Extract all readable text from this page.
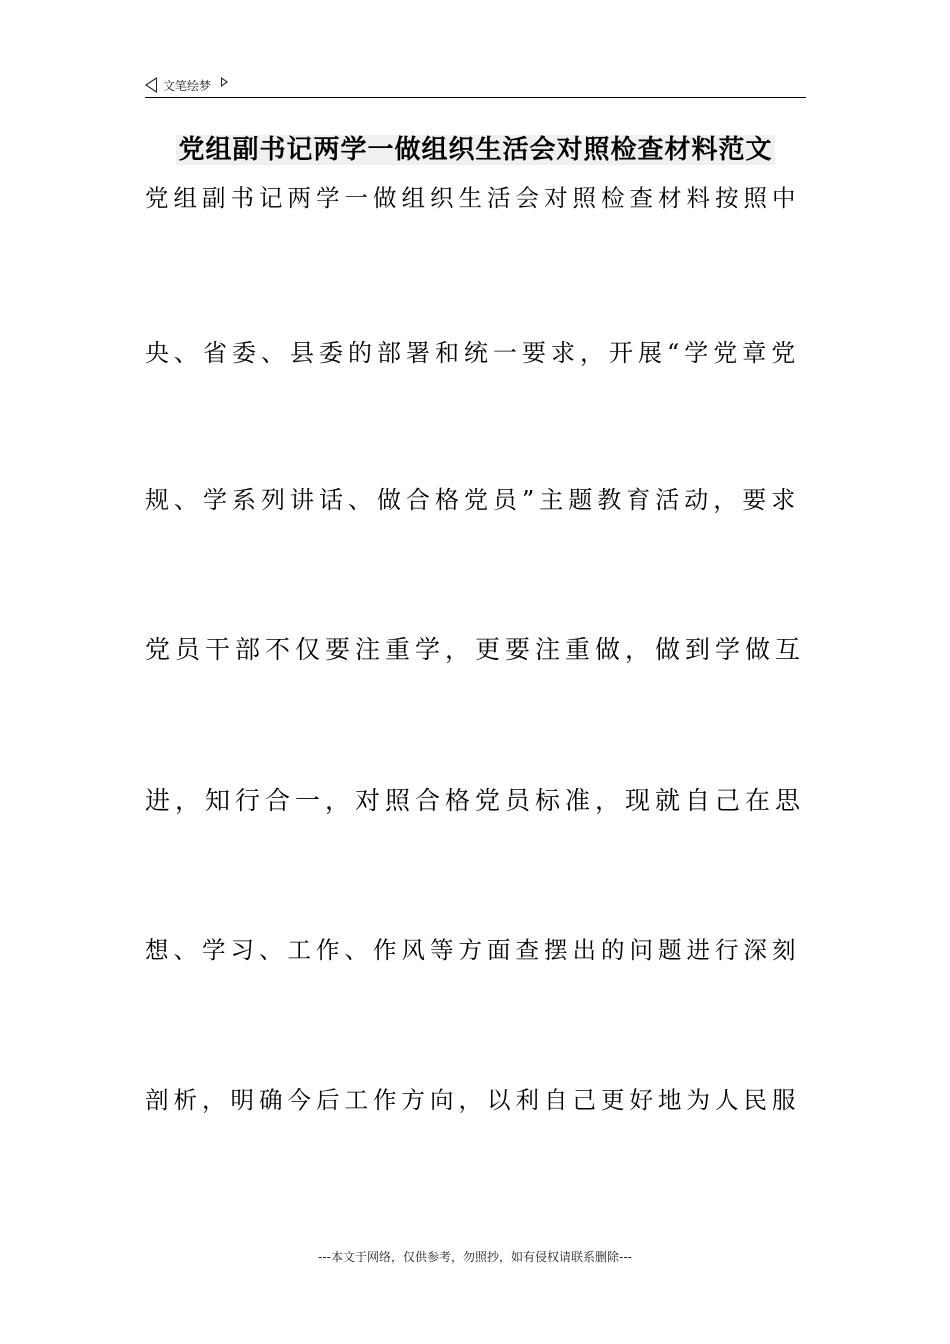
文笔绘梦
党组副书记两学一做组织生活会对照检查材料范文
党组副书记两学一做组织生活会对照检查材料按照中
央、省委、县委的部署和统一要求，开展“学党章党
规、学系列讲话、做合格党员”主题教育活动，要求
党员干部不仅要注重学，更要注重做，做到学做互
进，知行合一，对照合格党员标准，现就自己在思
想、学习、工作、作风等方面查摆出的问题进行深刻
剖析，明确今后工作方向，以利自己更好地为人民服
---本文于网络，仅供参考，勿照抄，如有侵权请联系删除---
